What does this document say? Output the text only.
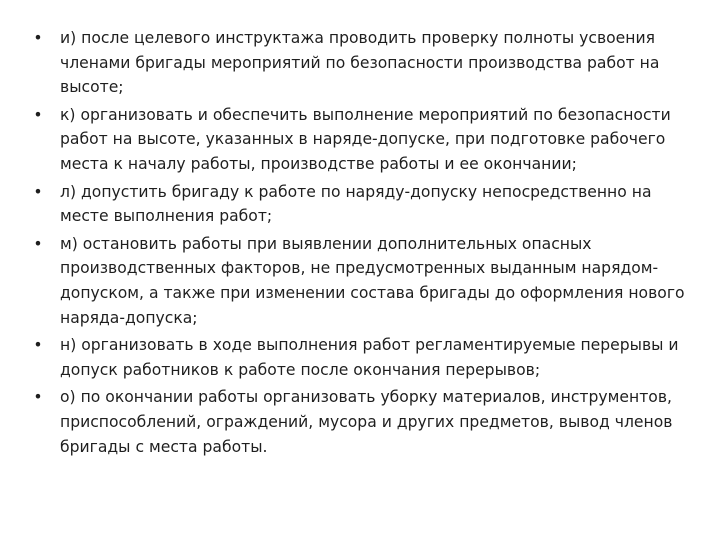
• и) после целевого инструктажа проводить проверку полноты усвоения членами бригады мероприятий по безопасности производства работ на высоте;
• к) организовать и обеспечить выполнение мероприятий по безопасности работ на высоте, указанных в наряде-допуске, при подготовке рабочего места к началу работы, производстве работы и ее окончании;
• л) допустить бригаду к работе по наряду-допуску непосредственно на месте выполнения работ;
• м) остановить работы при выявлении дополнительных опасных производственных факторов, не предусмотренных выданным нарядом-допуском, а также при изменении состава бригады до оформления нового наряда-допуска;
• н) организовать в ходе выполнения работ регламентируемые перерывы и допуск работников к работе после окончания перерывов;
• о) по окончании работы организовать уборку материалов, инструментов, приспособлений, ограждений, мусора и других предметов, вывод членов бригады с места работы.
